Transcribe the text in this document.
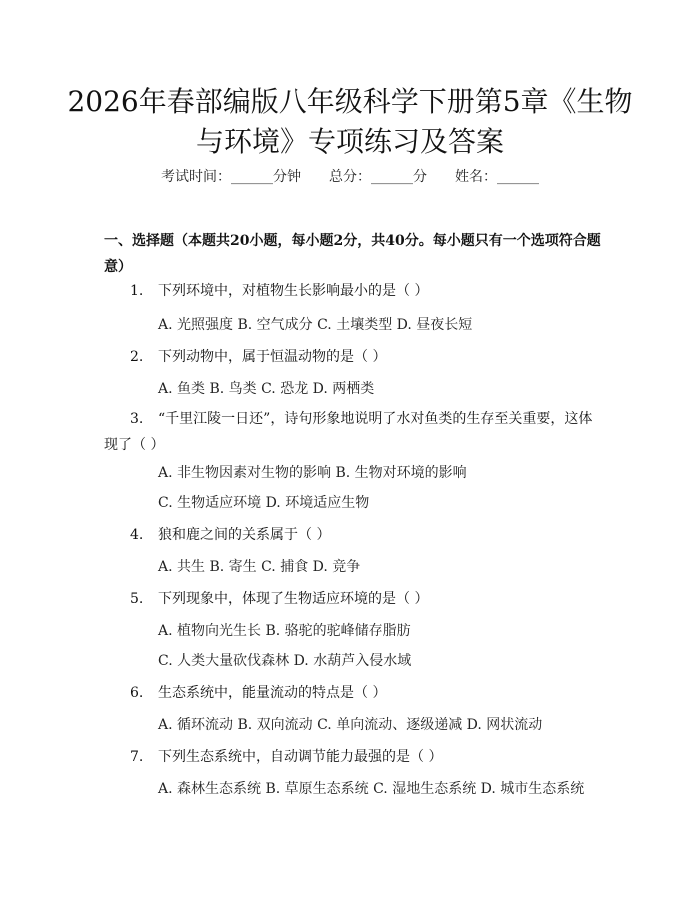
2026年春部编版八年级科学下册第5章《生物与环境》专项练习及答案
考试时间：______分钟 总分：______分 姓名：______
一、选择题（本题共20小题，每小题2分，共40分。每小题只有一个选项符合题意）
1. 下列环境中，对植物生长影响最小的是（ ）
A. 光照强度 B. 空气成分 C. 土壤类型 D. 昼夜长短
2. 下列动物中，属于恒温动物的是（ ）
A. 鱼类 B. 鸟类 C. 恐龙 D. 两栖类
3. “千里江陵一日还”，诗句形象地说明了水对鱼类的生存至关重要，这体现了（ ）
A. 非生物因素对生物的影响 B. 生物对环境的影响
C. 生物适应环境 D. 环境适应生物
4. 狼和鹿之间的关系属于（ ）
A. 共生 B. 寄生 C. 捕食 D. 竞争
5. 下列现象中，体现了生物适应环境的是（ ）
A. 植物向光生长 B. 骆驼的驼峰储存脂肪
C. 人类大量砍伐森林 D. 水葫芦入侵水域
6. 生态系统中，能量流动的特点是（ ）
A. 循环流动 B. 双向流动 C. 单向流动、逐级递减 D. 网状流动
7. 下列生态系统中，自动调节能力最强的是（ ）
A. 森林生态系统 B. 草原生态系统 C. 湿地生态系统 D. 城市生态系统
